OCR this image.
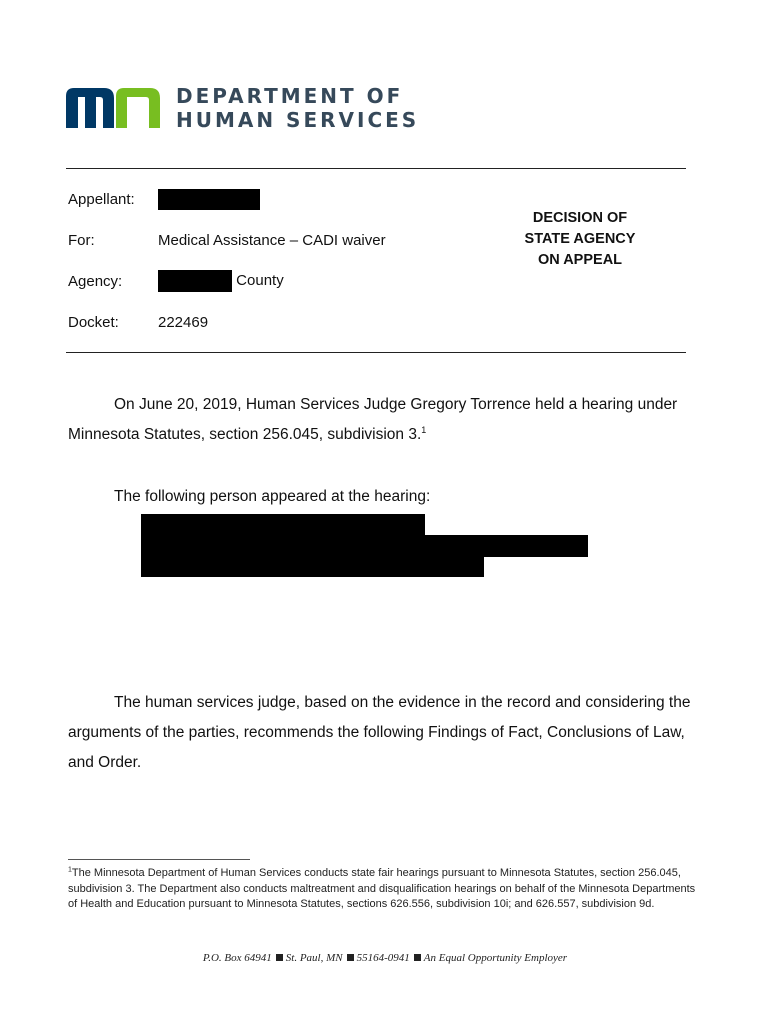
DEPARTMENT OF
HUMAN SERVICES
Appellant:
For:	Medical Assistance – CADI waiver
Agency:	County
Docket:	222469
DECISION OF
STATE AGENCY
ON APPEAL

On June 20, 2019, Human Services Judge Gregory Torrence held a hearing under Minnesota Statutes, section 256.045, subdivision 3.$^1$

The following person appeared at the hearing:

The human services judge, based on the evidence in the record and considering the arguments of the parties, recommends the following Findings of Fact, Conclusions of Law, and Order.

$^1$The Minnesota Department of Human Services conducts state fair hearings pursuant to Minnesota Statutes, section 256.045, subdivision 3. The Department also conducts maltreatment and disqualification hearings on behalf of the Minnesota Departments of Health and Education pursuant to Minnesota Statutes, sections 626.556, subdivision 10i; and 626.557, subdivision 9d.
P.O. Box 64941 St. Paul, MN 55164-0941 An Equal Opportunity Employer
